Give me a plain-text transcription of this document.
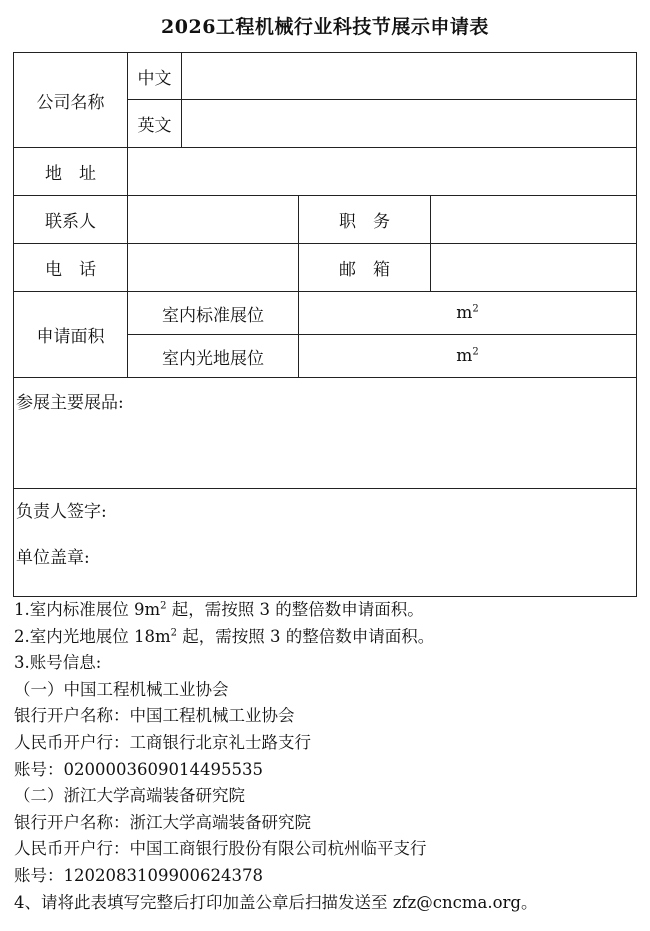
2026工程机械行业科技节展示申请表
公司名称	中文			
	英文			
地　址				
联系人			职　务	
电　话			邮　箱	
申请面积	室内标准展位		$m^2$
	室内光地展位		$m^2$
参展主要展品:				

负责人签字:
单位盖章:				
1.室内标准展位 $9m^2$ 起，需按照 3 的整倍数申请面积。
2.室内光地展位 $18m^2$ 起，需按照 3 的整倍数申请面积。
3.账号信息:
（一）中国工程机械工业协会
银行开户名称：中国工程机械工业协会
人民币开户行：工商银行北京礼士路支行
账号：0200003609014495535
（二）浙江大学高端装备研究院
银行开户名称：浙江大学高端装备研究院
人民币开户行：中国工商银行股份有限公司杭州临平支行
账号：1202083109900624378
4、请将此表填写完整后打印加盖公章后扫描发送至 zfz@cncma.org。
